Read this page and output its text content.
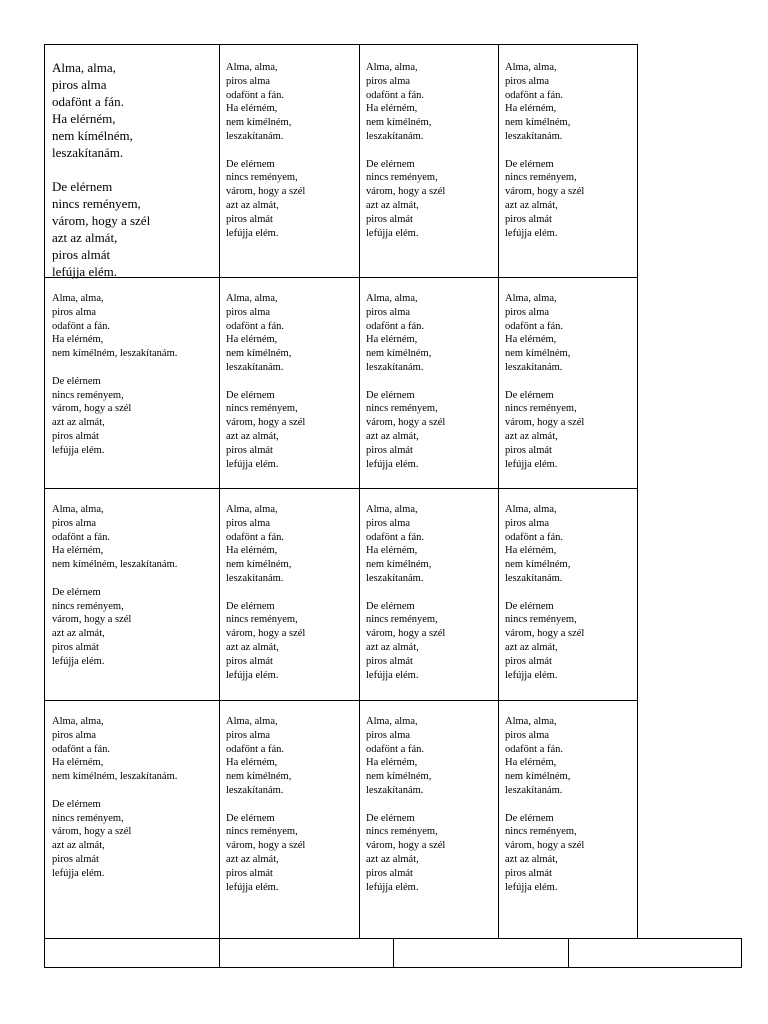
Alma, alma,
piros alma
odafönt a fán.
Ha elérném,
nem kímélném,
leszakítanám.
De elérnem
nincs reményem,
várom, hogy a szél
azt az almát,
piros almát
lefújja elém.
Alma, alma,
piros alma
odafönt a fán.
Ha elérném,
nem kímélném,
leszakítanám.
De elérnem
nincs reményem,
várom, hogy a szél
azt az almát,
piros almát
lefújja elém.
Alma, alma,
piros alma
odafönt a fán.
Ha elérném,
nem kímélném,
leszakítanám.
De elérnem
nincs reményem,
várom, hogy a szél
azt az almát,
piros almát
lefújja elém.
Alma, alma,
piros alma
odafönt a fán.
Ha elérném,
nem kímélném,
leszakítanám.
De elérnem
nincs reményem,
várom, hogy a szél
azt az almát,
piros almát
lefújja elém.
Alma, alma,
piros alma
odafönt a fán.
Ha elérném,
nem kímélném, leszakítanám.
De elérnem
nincs reményem,
várom, hogy a szél
azt az almát,
piros almát
lefújja elém.
Alma, alma,
piros alma
odafönt a fán.
Ha elérném,
nem kímélném,
leszakítanám.
De elérnem
nincs reményem,
várom, hogy a szél
azt az almát,
piros almát
lefújja elém.
Alma, alma,
piros alma
odafönt a fán.
Ha elérném,
nem kímélném,
leszakítanám.
De elérnem
nincs reményem,
várom, hogy a szél
azt az almát,
piros almát
lefújja elém.
Alma, alma,
piros alma
odafönt a fán.
Ha elérném,
nem kímélném,
leszakítanám.
De elérnem
nincs reményem,
várom, hogy a szél
azt az almát,
piros almát
lefújja elém.
Alma, alma,
piros alma
odafönt a fán.
Ha elérném,
nem kímélném, leszakítanám.
De elérnem
nincs reményem,
várom, hogy a szél
azt az almát,
piros almát
lefújja elém.
Alma, alma,
piros alma
odafönt a fán.
Ha elérném,
nem kímélném,
leszakítanám.
De elérnem
nincs reményem,
várom, hogy a szél
azt az almát,
piros almát
lefújja elém.
Alma, alma,
piros alma
odafönt a fán.
Ha elérném,
nem kímélném,
leszakítanám.
De elérnem
nincs reményem,
várom, hogy a szél
azt az almát,
piros almát
lefújja elém.
Alma, alma,
piros alma
odafönt a fán.
Ha elérném,
nem kímélném,
leszakítanám.
De elérnem
nincs reményem,
várom, hogy a szél
azt az almát,
piros almát
lefújja elém.
Alma, alma,
piros alma
odafönt a fán.
Ha elérném,
nem kímélném, leszakítanám.
De elérnem
nincs reményem,
várom, hogy a szél
azt az almát,
piros almát
lefújja elém.
Alma, alma,
piros alma
odafönt a fán.
Ha elérném,
nem kímélném,
leszakítanám.
De elérnem
nincs reményem,
várom, hogy a szél
azt az almát,
piros almát
lefújja elém.
Alma, alma,
piros alma
odafönt a fán.
Ha elérném,
nem kímélném,
leszakítanám.
De elérnem
nincs reményem,
várom, hogy a szél
azt az almát,
piros almát
lefújja elém.
Alma, alma,
piros alma
odafönt a fán.
Ha elérném,
nem kímélném,
leszakítanám.
De elérnem
nincs reményem,
várom, hogy a szél
azt az almát,
piros almát
lefújja elém.
